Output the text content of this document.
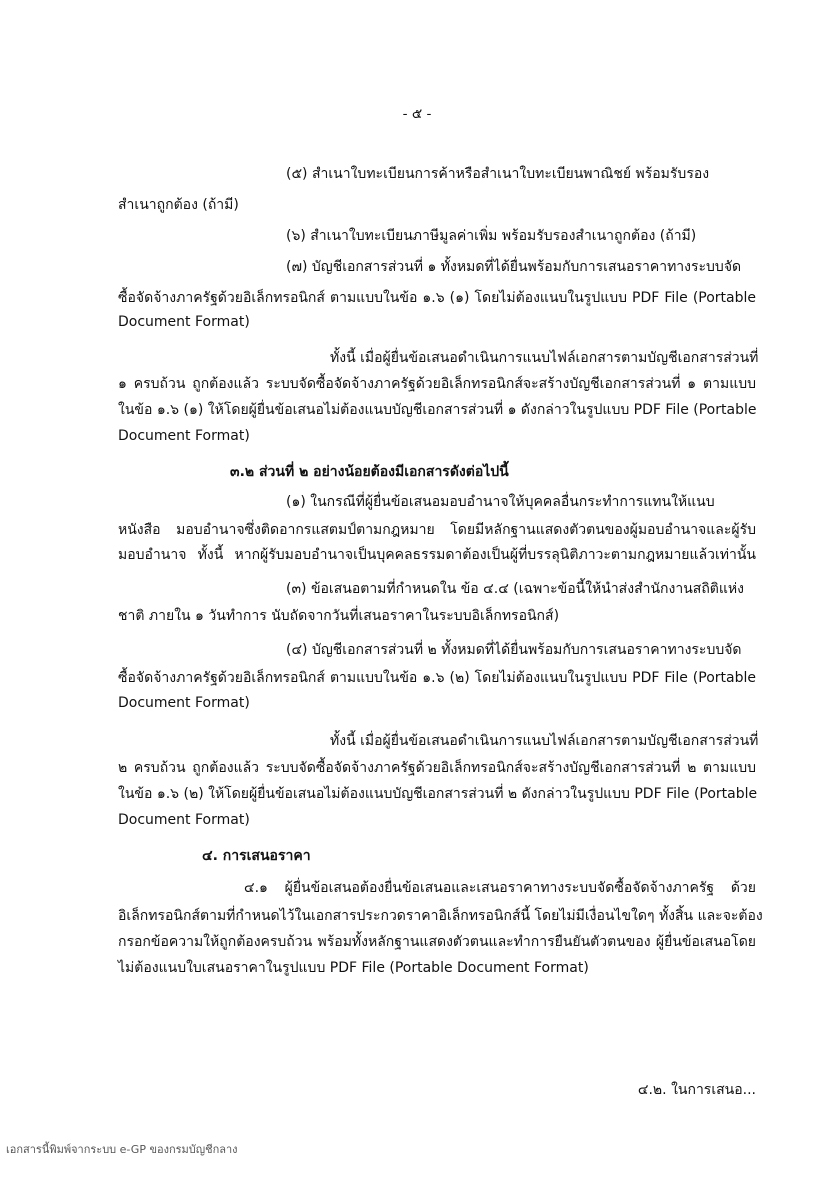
- ๕ -
(๕) สำเนาใบทะเบียนการค้าหรือสำเนาใบทะเบียนพาณิชย์ พร้อมรับรอง
สำเนาถูกต้อง (ถ้ามี)
(๖) สำเนาใบทะเบียนภาษีมูลค่าเพิ่ม พร้อมรับรองสำเนาถูกต้อง (ถ้ามี)
(๗) บัญชีเอกสารส่วนที่ ๑ ทั้งหมดที่ได้ยื่นพร้อมกับการเสนอราคาทางระบบจัด
ซื้อจัดจ้างภาครัฐด้วยอิเล็กทรอนิกส์ ตามแบบในข้อ ๑.๖ (๑) โดยไม่ต้องแนบในรูปแบบ PDF File (Portable
Document Format)
ทั้งนี้ เมื่อผู้ยื่นข้อเสนอดำเนินการแนบไฟล์เอกสารตามบัญชีเอกสารส่วนที่
๑ ครบถ้วน ถูกต้องแล้ว ระบบจัดซื้อจัดจ้างภาครัฐด้วยอิเล็กทรอนิกส์จะสร้างบัญชีเอกสารส่วนที่ ๑ ตามแบบ
ในข้อ ๑.๖ (๑) ให้โดยผู้ยื่นข้อเสนอไม่ต้องแนบบัญชีเอกสารส่วนที่ ๑ ดังกล่าวในรูปแบบ PDF File (Portable
Document Format)
๓.๒ ส่วนที่ ๒ อย่างน้อยต้องมีเอกสารดังต่อไปนี้
(๑) ในกรณีที่ผู้ยื่นข้อเสนอมอบอำนาจให้บุคคลอื่นกระทำการแทนให้แนบ
หนังสือ มอบอำนาจซึ่งติดอากรแสตมป์ตามกฎหมาย โดยมีหลักฐานแสดงตัวตนของผู้มอบอำนาจและผู้รับ
มอบอำนาจ ทั้งนี้ หากผู้รับมอบอำนาจเป็นบุคคลธรรมดาต้องเป็นผู้ที่บรรลุนิติภาวะตามกฎหมายแล้วเท่านั้น
(๓) ข้อเสนอตามที่กำหนดใน ข้อ ๔.๔ (เฉพาะข้อนี้ให้นำส่งสำนักงานสถิติแห่ง
ชาติ ภายใน ๑ วันทำการ นับถัดจากวันที่เสนอราคาในระบบอิเล็กทรอนิกส์)
(๔) บัญชีเอกสารส่วนที่ ๒ ทั้งหมดที่ได้ยื่นพร้อมกับการเสนอราคาทางระบบจัด
ซื้อจัดจ้างภาครัฐด้วยอิเล็กทรอนิกส์ ตามแบบในข้อ ๑.๖ (๒) โดยไม่ต้องแนบในรูปแบบ PDF File (Portable
Document Format)
ทั้งนี้ เมื่อผู้ยื่นข้อเสนอดำเนินการแนบไฟล์เอกสารตามบัญชีเอกสารส่วนที่
๒ ครบถ้วน ถูกต้องแล้ว ระบบจัดซื้อจัดจ้างภาครัฐด้วยอิเล็กทรอนิกส์จะสร้างบัญชีเอกสารส่วนที่ ๒ ตามแบบ
ในข้อ ๑.๖ (๒) ให้โดยผู้ยื่นข้อเสนอไม่ต้องแนบบัญชีเอกสารส่วนที่ ๒ ดังกล่าวในรูปแบบ PDF File (Portable
Document Format)
๔. การเสนอราคา
๔.๑ ผู้ยื่นข้อเสนอต้องยื่นข้อเสนอและเสนอราคาทางระบบจัดซื้อจัดจ้างภาครัฐ ด้วย
อิเล็กทรอนิกส์ตามที่กำหนดไว้ในเอกสารประกวดราคาอิเล็กทรอนิกส์นี้ โดยไม่มีเงื่อนไขใดๆ ทั้งสิ้น และจะต้อง
กรอกข้อความให้ถูกต้องครบถ้วน พร้อมทั้งหลักฐานแสดงตัวตนและทำการยืนยันตัวตนของ ผู้ยื่นข้อเสนอโดย
ไม่ต้องแนบใบเสนอราคาในรูปแบบ PDF File (Portable Document Format)
๔.๒. ในการเสนอ...
เอกสารนี้พิมพ์จากระบบ e-GP ของกรมบัญชีกลาง
